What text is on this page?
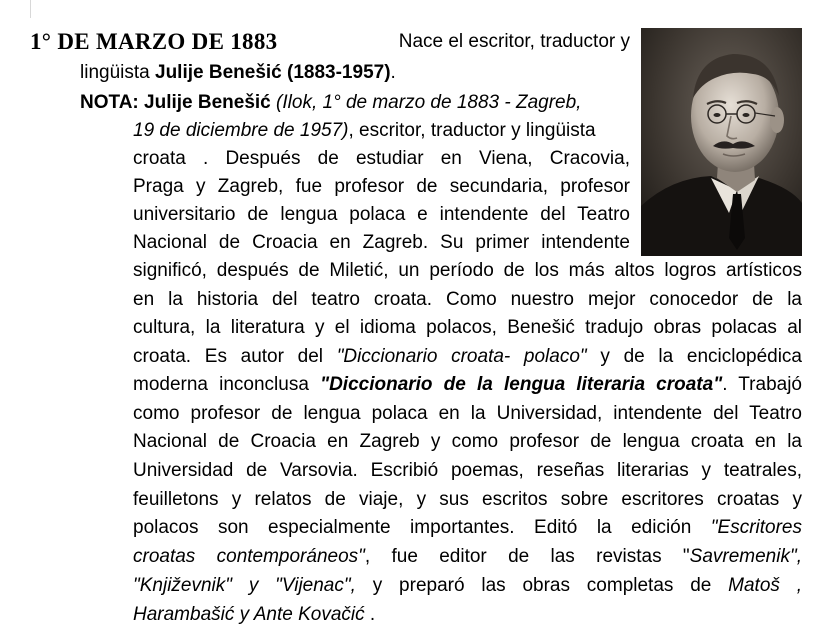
1° DE MARZO DE 1883	Nace el escritor, traductor y
lingüista Julije Benešić (1883-1957).
NOTA: Julije Benešić (Ilok, 1° de marzo de 1883 - Zagreb,
19 de diciembre de 1957), escritor, traductor y lingüista
croata . Después de estudiar en Viena, Cracovia,
Praga y Zagreb, fue profesor de secundaria, profesor
universitario de lengua polaca e intendente del Teatro
Nacional de Croacia en Zagreb. Su primer intendente
significó, después de Miletić, un período de los más altos logros artísticos
en la historia del teatro croata. Como nuestro mejor conocedor de la
cultura, la literatura y el idioma polacos, Benešić tradujo obras polacas al
croata. Es autor del "Diccionario croata- polaco" y de la enciclopédica
moderna inconclusa "Diccionario de la lengua literaria croata". Trabajó
como profesor de lengua polaca en la Universidad, intendente del Teatro
Nacional de Croacia en Zagreb y como profesor de lengua croata en la
Universidad de Varsovia. Escribió poemas, reseñas literarias y teatrales,
feuilletons y relatos de viaje, y sus escritos sobre escritores croatas y
polacos son especialmente importantes. Editó la edición "Escritores
croatas contemporáneos", fue editor de las revistas "Savremenik",
"Književnik" y "Vijenac", y preparó las obras completas de Matoš ,
Harambašić y Ante Kovačić .
